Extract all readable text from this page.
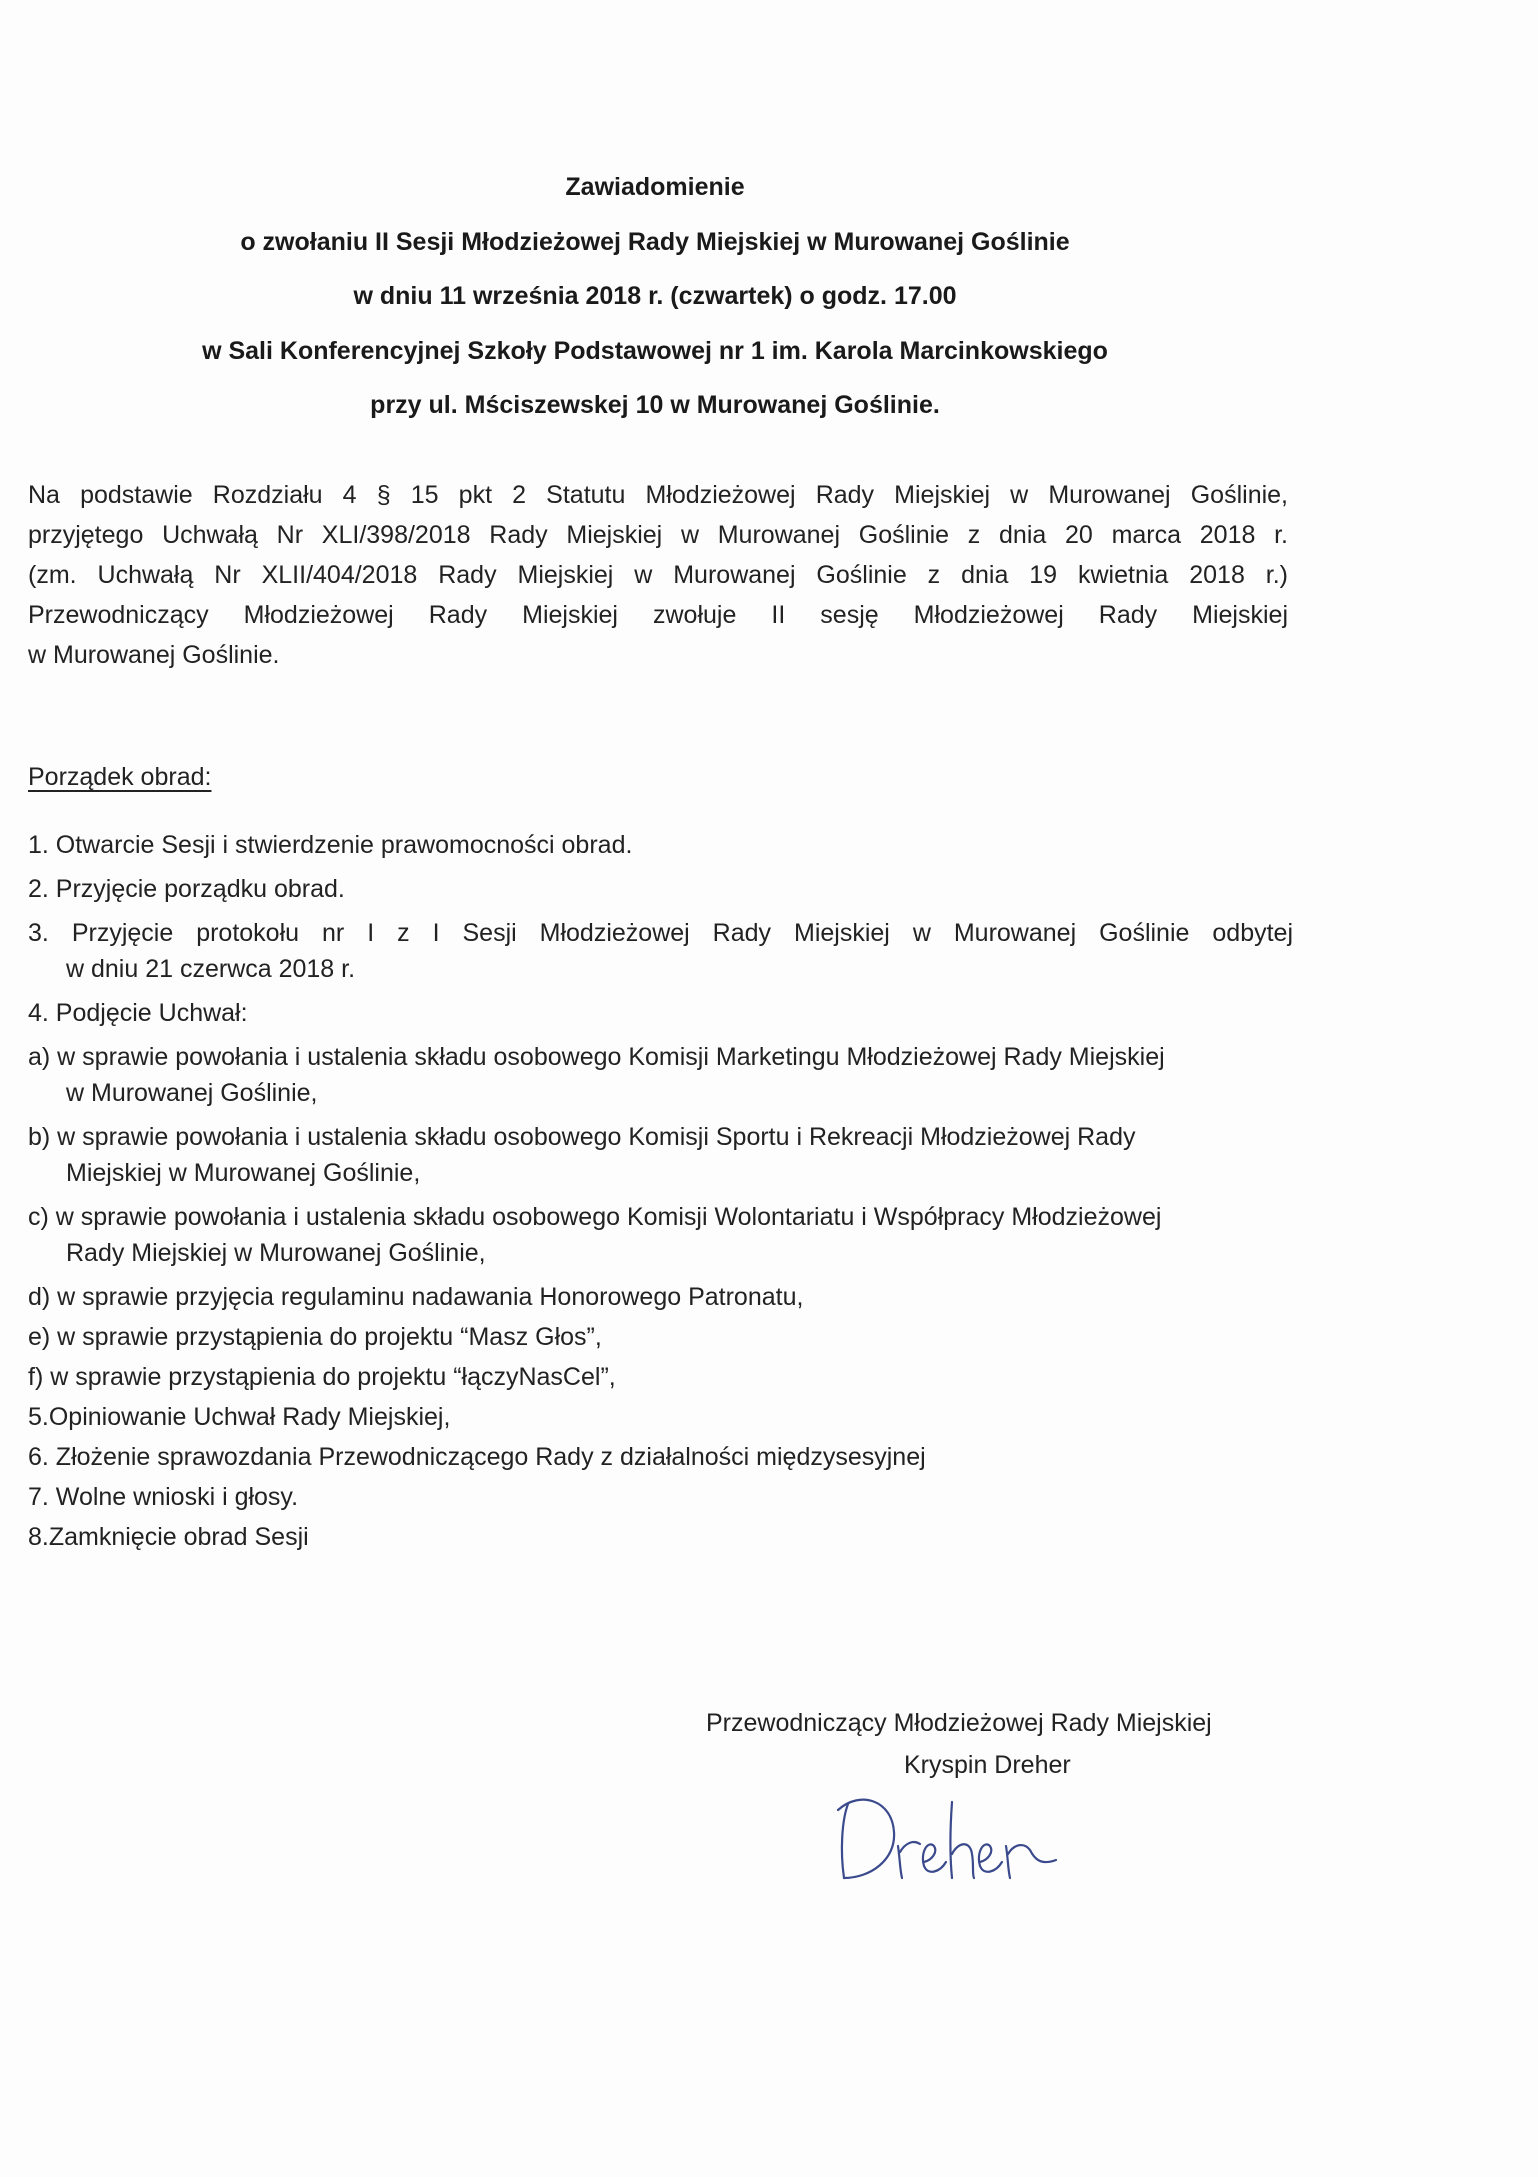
Zawiadomienie
o zwołaniu II Sesji Młodzieżowej Rady Miejskiej w Murowanej Goślinie
w dniu 11 września 2018 r. (czwartek) o godz. 17.00
w Sali Konferencyjnej Szkoły Podstawowej nr 1 im. Karola Marcinkowskiego
przy ul. Mściszewskej 10 w Murowanej Goślinie.
Na podstawie Rozdziału 4 § 15 pkt 2 Statutu Młodzieżowej Rady Miejskiej w Murowanej Goślinie,
przyjętego Uchwałą Nr XLI/398/2018 Rady Miejskiej w Murowanej Goślinie z dnia 20 marca 2018 r.
(zm. Uchwałą Nr XLII/404/2018 Rady Miejskiej w Murowanej Goślinie z dnia 19 kwietnia 2018 r.)
Przewodniczący Młodzieżowej Rady Miejskiej zwołuje II sesję Młodzieżowej Rady Miejskiej
w Murowanej Goślinie.
Porządek obrad:
1. Otwarcie Sesji i stwierdzenie prawomocności obrad.
2. Przyjęcie porządku obrad.
3. Przyjęcie protokołu nr I z I Sesji Młodzieżowej Rady Miejskiej w Murowanej Goślinie odbytej
w dniu 21 czerwca 2018 r.
4. Podjęcie Uchwał:
a) w sprawie powołania i ustalenia składu osobowego Komisji Marketingu Młodzieżowej Rady Miejskiej
w Murowanej Goślinie,
b) w sprawie powołania i ustalenia składu osobowego Komisji Sportu i Rekreacji Młodzieżowej Rady
Miejskiej w Murowanej Goślinie,
c) w sprawie powołania i ustalenia składu osobowego Komisji Wolontariatu i Współpracy Młodzieżowej
Rady Miejskiej w Murowanej Goślinie,
d) w sprawie przyjęcia regulaminu nadawania Honorowego Patronatu,
e) w sprawie przystąpienia do projektu “Masz Głos”,
f) w sprawie przystąpienia do projektu “łączyNasCel”,
5.Opiniowanie Uchwał Rady Miejskiej,
6. Złożenie sprawozdania Przewodniczącego Rady z działalności międzysesyjnej
7. Wolne wnioski i głosy.
8.Zamknięcie obrad Sesji
Przewodniczący Młodzieżowej Rady Miejskiej
Kryspin Dreher
